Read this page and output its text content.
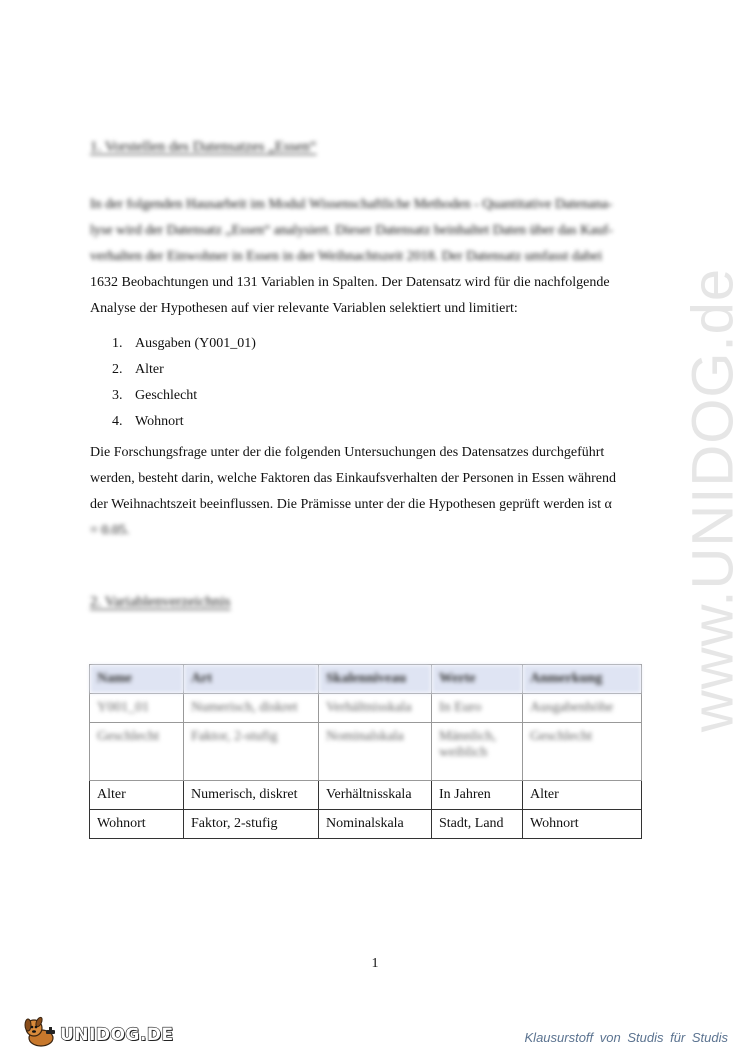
www.UNIDOG.de
1. Vorstellen des Datensatzes „Essen“

In der folgenden Hausarbeit im Modul Wissenschaftliche Methoden - Quantitative Datenana-
lyse wird der Datensatz „Essen“ analysiert. Dieser Datensatz beinhaltet Daten über das Kauf-
verhalten der Einwohner in Essen in der Weihnachtszeit 2018. Der Datensatz umfasst dabei
1632 Beobachtungen und 131 Variablen in Spalten. Der Datensatz wird für die nachfolgende
Analyse der Hypothesen auf vier relevante Variablen selektiert und limitiert:

1. Ausgaben (Y001_01)
2. Alter
3. Geschlecht
4. Wohnort

Die Forschungsfrage unter der die folgenden Untersuchungen des Datensatzes durchgeführt
werden, besteht darin, welche Faktoren das Einkaufsverhalten der Personen in Essen während
der Weihnachtszeit beeinflussen. Die Prämisse unter der die Hypothesen geprüft werden ist α
= 0.05.

2. Variablenverzeichnis
Name	Art	Skalenniveau	Werte	Anmerkung
Y001_01	Numerisch, diskret	Verhältnisskala	In Euro	Ausgabenhöhe
Geschlecht	Faktor, 2-stufig	Nominalskala	Männlich, weiblich	Geschlecht
Alter	Numerisch, diskret	Verhältnisskala	In Jahren	Alter
Wohnort	Faktor, 2-stufig	Nominalskala	Stadt, Land	Wohnort
1
UNIDOG.DE	Klausurstoff von Studis für Studis
